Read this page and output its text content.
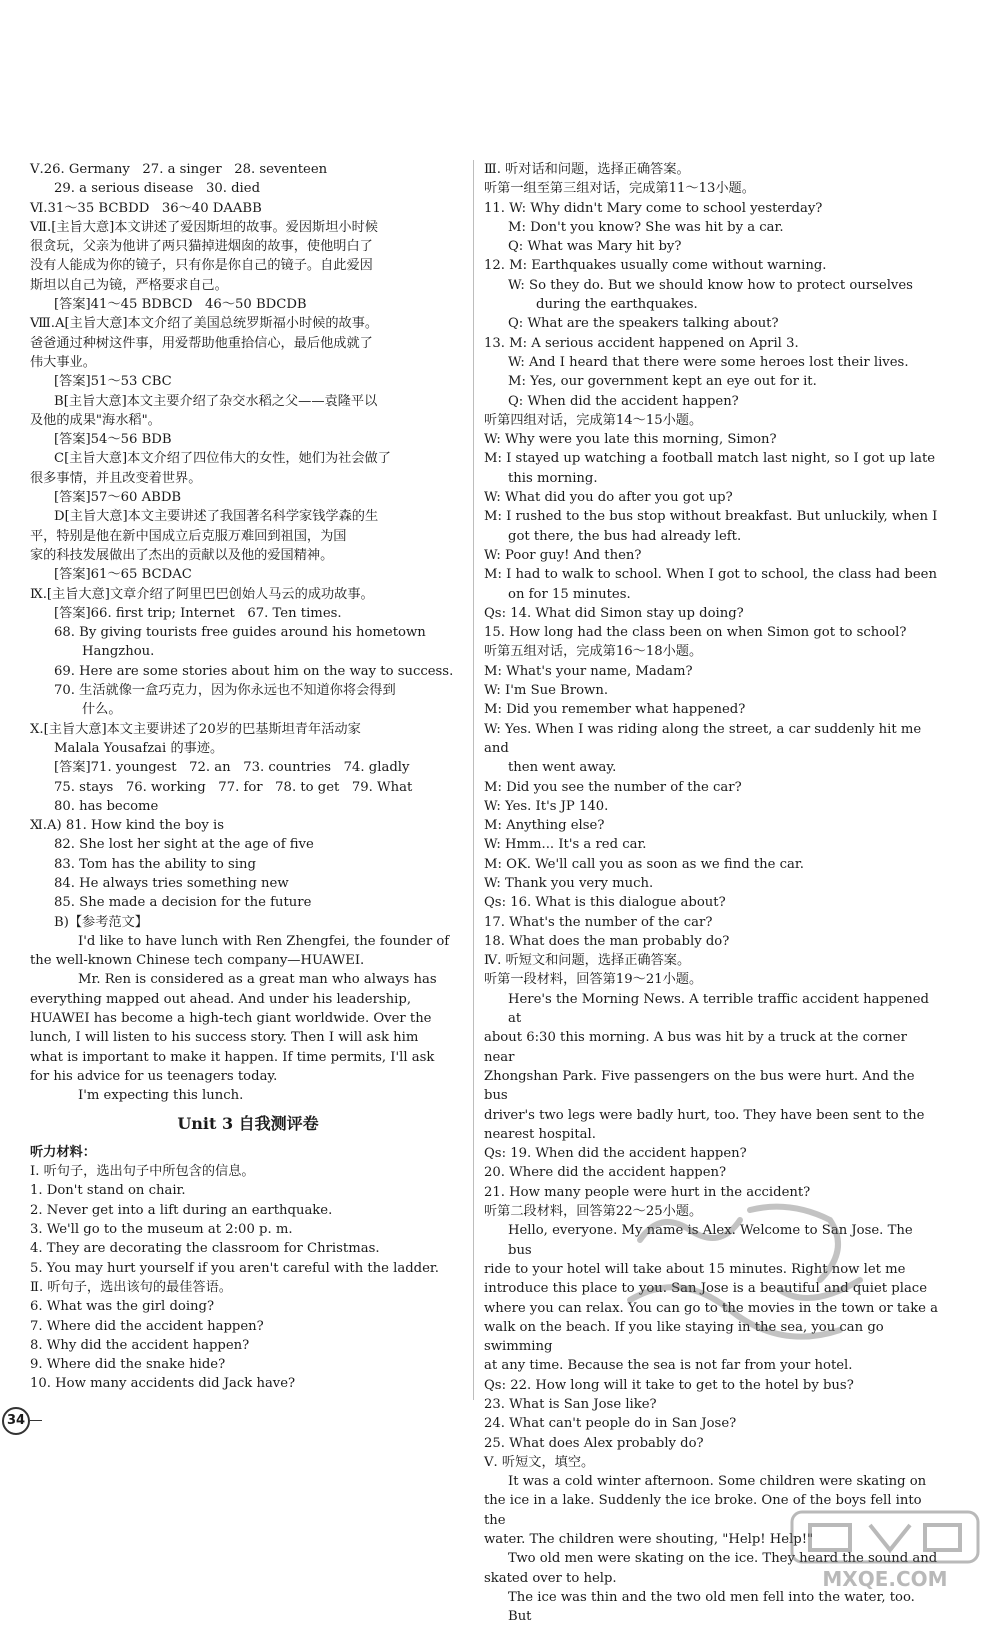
Ⅴ.26. Germany   27. a singer   28. seventeen
29. a serious disease   30. died
Ⅵ.31～35 BCBDD   36～40 DAABB
Ⅶ.[主旨大意]本文讲述了爱因斯坦的故事。爱因斯坦小时候
很贪玩，父亲为他讲了两只猫掉进烟囱的故事，使他明白了
没有人能成为你的镜子，只有你是你自己的镜子。自此爱因
斯坦以自己为镜，严格要求自己。
[答案]41～45 BDBCD   46～50 BDCDB
Ⅷ.A[主旨大意]本文介绍了美国总统罗斯福小时候的故事。
爸爸通过种树这件事，用爱帮助他重拾信心，最后他成就了
伟大事业。
[答案]51～53 CBC
B[主旨大意]本文主要介绍了杂交水稻之父——袁隆平以
及他的成果"海水稻"。
[答案]54～56 BDB
C[主旨大意]本文介绍了四位伟大的女性，她们为社会做了
很多事情，并且改变着世界。
[答案]57～60 ABDB
D[主旨大意]本文主要讲述了我国著名科学家钱学森的生
平，特别是他在新中国成立后克服万难回到祖国，为国
家的科技发展做出了杰出的贡献以及他的爱国精神。
[答案]61～65 BCDAC
Ⅸ.[主旨大意]文章介绍了阿里巴巴创始人马云的成功故事。
[答案]66. first trip; Internet   67. Ten times.
68. By giving tourists free guides around his hometown
Hangzhou.
69. Here are some stories about him on the way to success.
70. 生活就像一盒巧克力，因为你永远也不知道你将会得到
什么。
Ⅹ.[主旨大意]本文主要讲述了20岁的巴基斯坦青年活动家
Malala Yousafzai 的事迹。
[答案]71. youngest   72. an   73. countries   74. gladly
75. stays   76. working   77. for   78. to get   79. What
80. has become
Ⅺ.A) 81. How kind the boy is
82. She lost her sight at the age of five
83. Tom has the ability to sing
84. He always tries something new
85. She made a decision for the future
B)【参考范文】
I'd like to have lunch with Ren Zhengfei, the founder of
the well-known Chinese tech company—HUAWEI.
Mr. Ren is considered as a great man who always has
everything mapped out ahead. And under his leadership,
HUAWEI has become a high-tech giant worldwide. Over the
lunch, I will listen to his success story. Then I will ask him
what is important to make it happen. If time permits, I'll ask
for his advice for us teenagers today.
I'm expecting this lunch.
Unit 3 自我测评卷
听力材料：
Ⅰ. 听句子，选出句子中所包含的信息。
1. Don't stand on chair.
2. Never get into a lift during an earthquake.
3. We'll go to the museum at 2:00 p. m.
4. They are decorating the classroom for Christmas.
5. You may hurt yourself if you aren't careful with the ladder.
Ⅱ. 听句子，选出该句的最佳答语。
6. What was the girl doing?
7. Where did the accident happen?
8. Why did the accident happen?
9. Where did the snake hide?
10. How many accidents did Jack have?
Ⅲ. 听对话和问题，选择正确答案。
听第一组至第三组对话，完成第11～13小题。
11. W: Why didn't Mary come to school yesterday?
M: Don't you know? She was hit by a car.
Q: What was Mary hit by?
12. M: Earthquakes usually come without warning.
W: So they do. But we should know how to protect ourselves
during the earthquakes.
Q: What are the speakers talking about?
13. M: A serious accident happened on April 3.
W: And I heard that there were some heroes lost their lives.
M: Yes, our government kept an eye out for it.
Q: When did the accident happen?
听第四组对话，完成第14～15小题。
W: Why were you late this morning, Simon?
M: I stayed up watching a football match last night, so I got up late
this morning.
W: What did you do after you got up?
M: I rushed to the bus stop without breakfast. But unluckily, when I
got there, the bus had already left.
W: Poor guy! And then?
M: I had to walk to school. When I got to school, the class had been
on for 15 minutes.
Qs: 14. What did Simon stay up doing?
15. How long had the class been on when Simon got to school?
听第五组对话，完成第16～18小题。
M: What's your name, Madam?
W: I'm Sue Brown.
M: Did you remember what happened?
W: Yes. When I was riding along the street, a car suddenly hit me and
then went away.
M: Did you see the number of the car?
W: Yes. It's JP 140.
M: Anything else?
W: Hmm... It's a red car.
M: OK. We'll call you as soon as we find the car.
W: Thank you very much.
Qs: 16. What is this dialogue about?
17. What's the number of the car?
18. What does the man probably do?
Ⅳ. 听短文和问题，选择正确答案。
听第一段材料，回答第19～21小题。
Here's the Morning News. A terrible traffic accident happened at
about 6:30 this morning. A bus was hit by a truck at the corner near
Zhongshan Park. Five passengers on the bus were hurt. And the bus
driver's two legs were badly hurt, too. They have been sent to the
nearest hospital.
Qs: 19. When did the accident happen?
20. Where did the accident happen?
21. How many people were hurt in the accident?
听第二段材料，回答第22～25小题。
Hello, everyone. My name is Alex. Welcome to San Jose. The bus
ride to your hotel will take about 15 minutes. Right now let me
introduce this place to you. San Jose is a beautiful and quiet place
where you can relax. You can go to the movies in the town or take a
walk on the beach. If you like staying in the sea, you can go swimming
at any time. Because the sea is not far from your hotel.
Qs: 22. How long will it take to get to the hotel by bus?
23. What is San Jose like?
24. What can't people do in San Jose?
25. What does Alex probably do?
Ⅴ. 听短文，填空。
It was a cold winter afternoon. Some children were skating on
the ice in a lake. Suddenly the ice broke. One of the boys fell into the
water. The children were shouting, "Help! Help!"
Two old men were skating on the ice. They heard the sound and
skated over to help.
The ice was thin and the two old men fell into the water, too. But
34
MXQE.COM
